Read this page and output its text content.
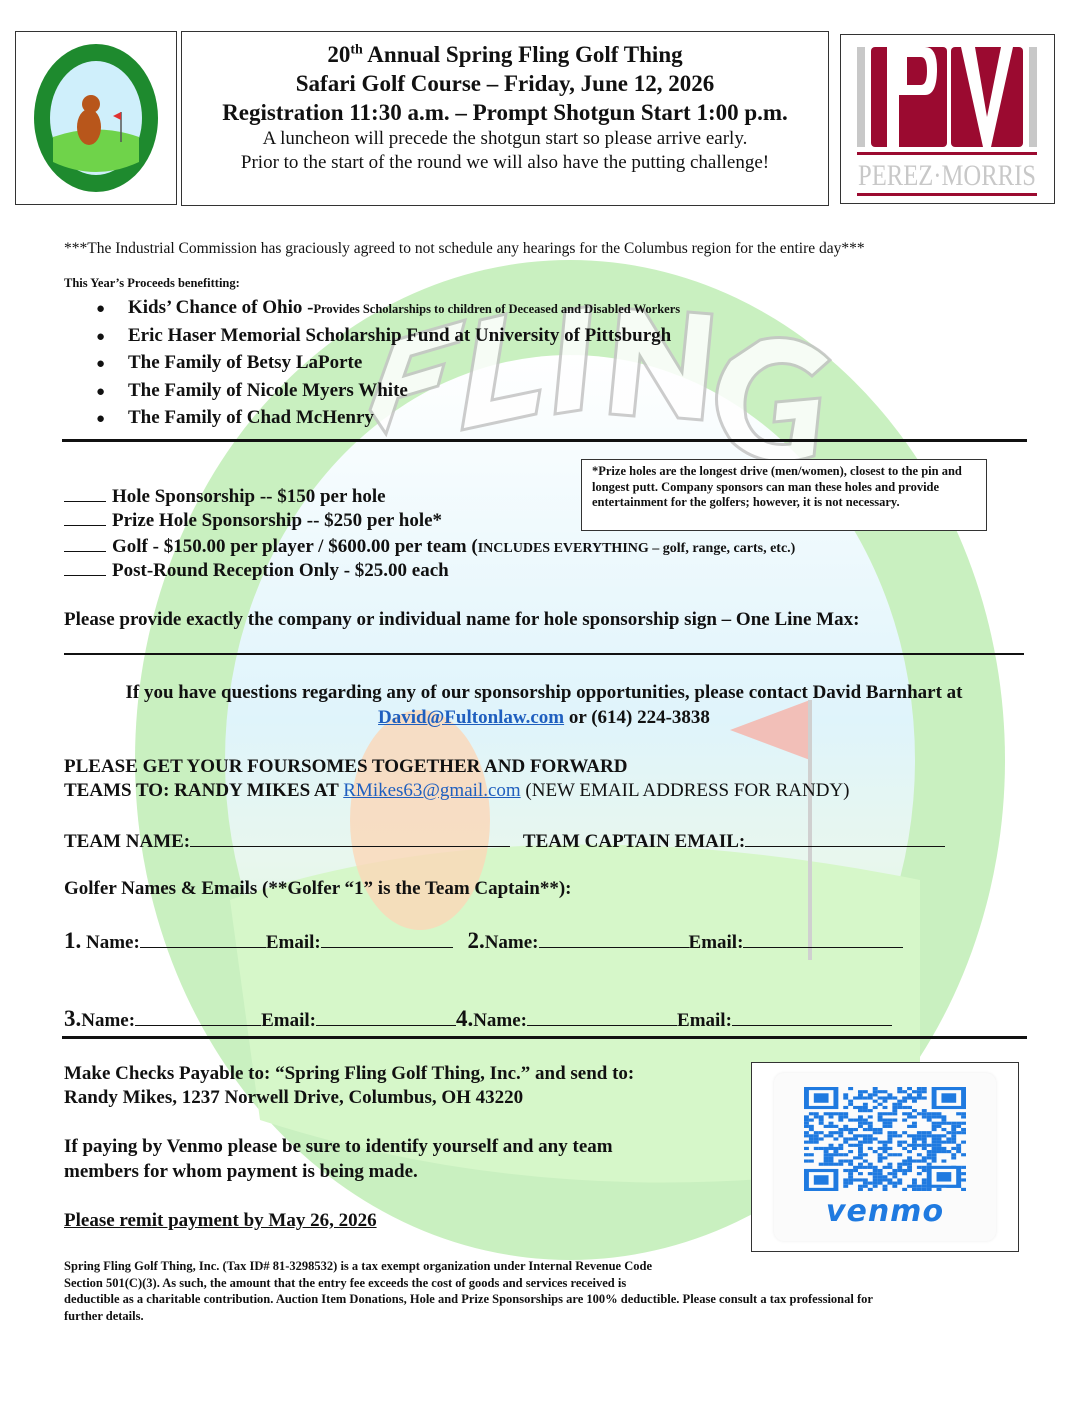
20th Annual Spring Fling Golf Thing
Safari Golf Course – Friday, June 12, 2026
Registration 11:30 a.m. – Prompt Shotgun Start 1:00 p.m.
A luncheon will precede the shotgun start so please arrive early.
Prior to the start of the round we will also have the putting challenge!	PEREZ·MORRIS
***The Industrial Commission has graciously agreed to not schedule any hearings for the Columbus region for the entire day***
This Year’s Proceeds benefitting:
●	Kids’ Chance of Ohio - Provides Scholarships to children of Deceased and Disabled Workers
●	Eric Haser Memorial Scholarship Fund at University of Pittsburgh
●	The Family of Betsy LaPorte
●	The Family of Nicole Myers White
●	The Family of Chad McHenry
Hole Sponsorship -- $150 per hole
Prize Hole Sponsorship -- $250 per hole*
Golf - $150.00 per player / $600.00 per team (INCLUDES EVERYTHING – golf, range, carts, etc.)
Post-Round Reception Only - $25.00 each
*Prize holes are the longest drive (men/women), closest to the pin and longest putt. Company sponsors can man these holes and provide entertainment for the golfers; however, it is not necessary.
Please provide exactly the company or individual name for hole sponsorship sign – One Line Max:
If you have questions regarding any of our sponsorship opportunities, please contact David Barnhart at
David@Fultonlaw.com or (614) 224-3838
PLEASE GET YOUR FOURSOMES TOGETHER AND FORWARD
TEAMS TO: RANDY MIKES AT RMikes63@gmail.com (NEW EMAIL ADDRESS FOR RANDY)
TEAM NAME:	TEAM CAPTAIN EMAIL:
Golfer Names & Emails (**Golfer “1” is the Team Captain**):
1. Name:	Email:	2.Name:	Email:
3.Name:	Email:	4.Name:	Email:
Make Checks Payable to: “Spring Fling Golf Thing, Inc.” and send to:
Randy Mikes, 1237 Norwell Drive, Columbus, OH 43220
If paying by Venmo please be sure to identify yourself and any team
members for whom payment is being made.
Please remit payment by May 26, 2026	venmo
Spring Fling Golf Thing, Inc. (Tax ID# 81-3298532) is a tax exempt organization under Internal Revenue Code
Section 501(C)(3). As such, the amount that the entry fee exceeds the cost of goods and services received is
deductible as a charitable contribution. Auction Item Donations, Hole and Prize Sponsorships are 100% deductible. Please consult a tax professional for
further details.
